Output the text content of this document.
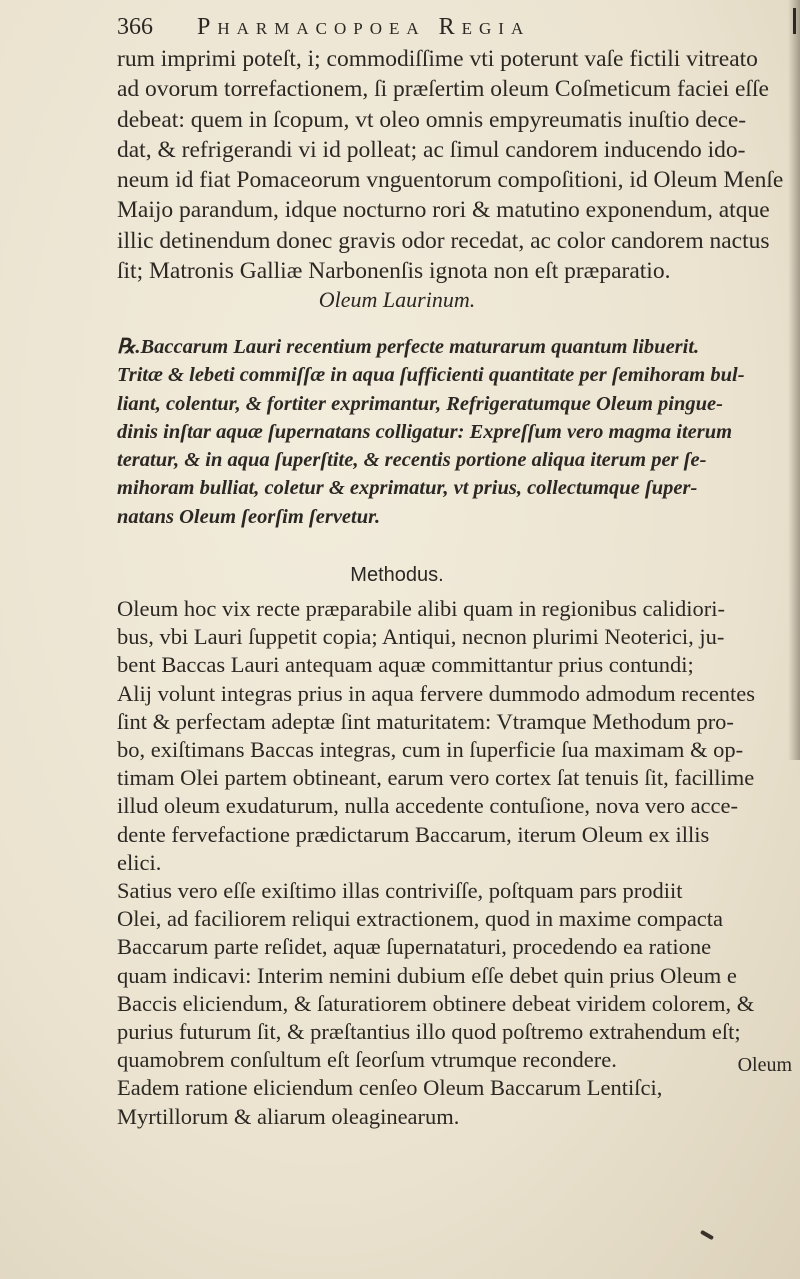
366 Pharmacopoea Regia
rum imprimi poteſt, i; commodiſſime vti poterunt vaſe fictili vitreato
ad ovorum torrefactionem, ſi præſertim oleum Coſmeticum faciei eſſe
debeat: quem in ſcopum, vt oleo omnis empyreumatis inuſtio dece-
dat, & refrigerandi vi id polleat; ac ſimul candorem inducendo ido-
neum id fiat Pomaceorum vnguentorum compoſitioni, id Oleum Menſe
Maijo parandum, idque nocturno rori & matutino exponendum, atque
illic detinendum donec gravis odor recedat, ac color candorem nactus
ſit; Matronis Galliæ Narbonenſis ignota non eſt præparatio.
Oleum Laurinum.
℞.Baccarum Lauri recentium perfecte maturarum quantum libuerit.
Tritæ & lebeti commiſſæ in aqua ſufficienti quantitate per ſemihoram bul-
liant, colentur, & fortiter exprimantur, Refrigeratumque Oleum pingue-
dinis inſtar aquæ ſupernatans colligatur: Expreſſum vero magma iterum
teratur, & in aqua ſuperſtite, & recentis portione aliqua iterum per ſe-
mihoram bulliat, coletur & exprimatur, vt prius, collectumque ſuper-
natans Oleum ſeorſim ſervetur.
Methodus.
Oleum hoc vix recte præparabile alibi quam in regionibus calidiori-
bus, vbi Lauri ſuppetit copia; Antiqui, necnon plurimi Neoterici, ju-
bent Baccas Lauri antequam aquæ committantur prius contundi;
Alij volunt integras prius in aqua fervere dummodo admodum recentes
ſint & perfectam adeptæ ſint maturitatem: Vtramque Methodum pro-
bo, exiſtimans Baccas integras, cum in ſuperficie ſua maximam & op-
timam Olei partem obtineant, earum vero cortex ſat tenuis ſit, facillime
illud oleum exudaturum, nulla accedente contuſione, nova vero acce-
dente fervefactione prædictarum Baccarum, iterum Oleum ex illis
elici.
Satius vero eſſe exiſtimo illas contriviſſe, poſtquam pars prodiit
Olei, ad faciliorem reliqui extractionem, quod in maxime compacta
Baccarum parte reſidet, aquæ ſupernataturi, procedendo ea ratione
quam indicavi: Interim nemini dubium eſſe debet quin prius Oleum e
Baccis eliciendum, & ſaturatiorem obtinere debeat viridem colorem, &
purius futurum ſit, & præſtantius illo quod poſtremo extrahendum eſt;
quamobrem conſultum eſt ſeorſum vtrumque recondere.
Eadem ratione eliciendum cenſeo Oleum Baccarum Lentiſci,
Myrtillorum & aliarum oleaginearum.
Oleum
